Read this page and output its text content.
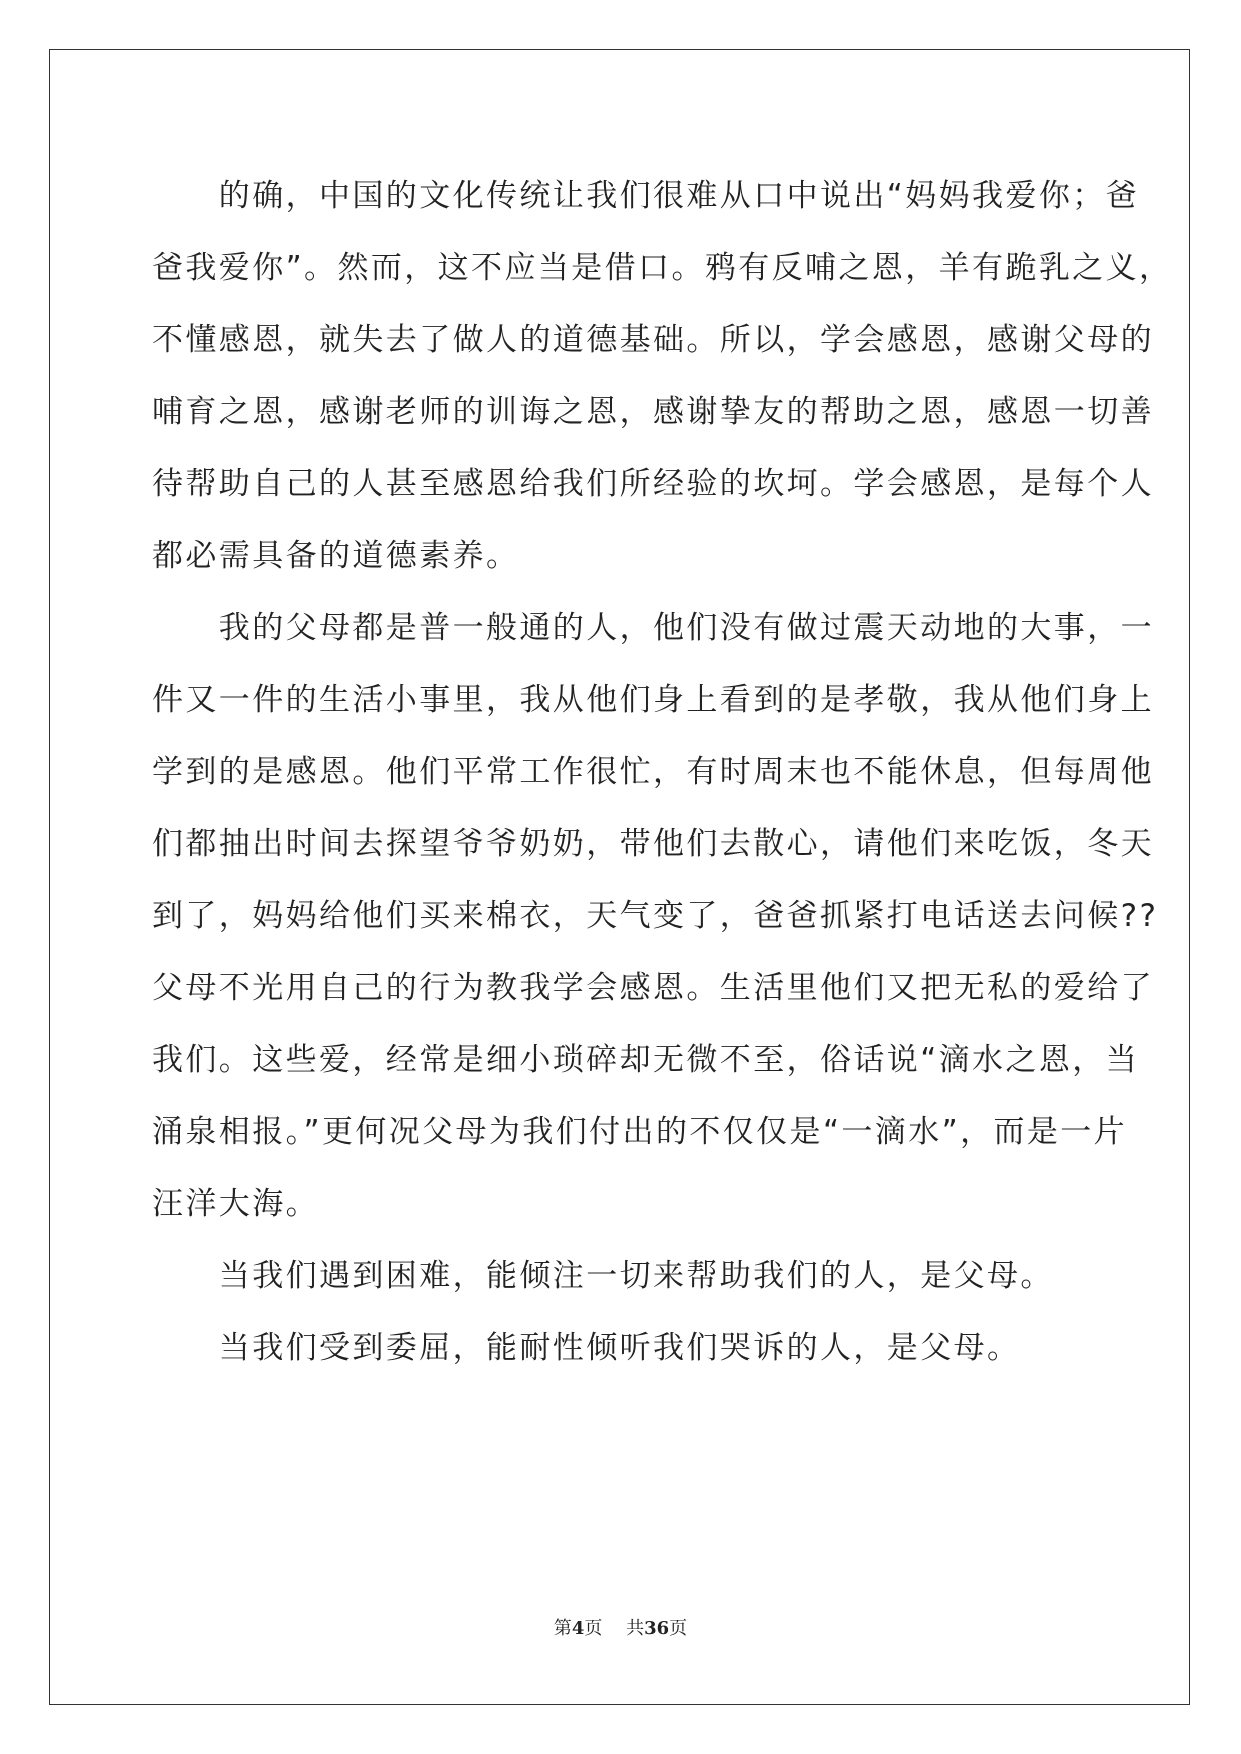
　　的确，中国的文化传统让我们很难从口中说出“妈妈我爱你；爸
爸我爱你”。然而，这不应当是借口。鸦有反哺之恩，羊有跪乳之义，
不懂感恩，就失去了做人的道德基础。所以，学会感恩，感谢父母的
哺育之恩，感谢老师的训诲之恩，感谢挚友的帮助之恩，感恩一切善
待帮助自己的人甚至感恩给我们所经验的坎坷。学会感恩，是每个人
都必需具备的道德素养。
　　我的父母都是普一般通的人，他们没有做过震天动地的大事，一
件又一件的生活小事里，我从他们身上看到的是孝敬，我从他们身上
学到的是感恩。他们平常工作很忙，有时周末也不能休息，但每周他
们都抽出时间去探望爷爷奶奶，带他们去散心，请他们来吃饭，冬天
到了，妈妈给他们买来棉衣，天气变了，爸爸抓紧打电话送去问候??
父母不光用自己的行为教我学会感恩。生活里他们又把无私的爱给了
我们。这些爱，经常是细小琐碎却无微不至，俗话说“滴水之恩，当
涌泉相报。”更何况父母为我们付出的不仅仅是“一滴水”，而是一片
汪洋大海。
　　当我们遇到困难，能倾注一切来帮助我们的人，是父母。
　　当我们受到委屈，能耐性倾听我们哭诉的人，是父母。
第4页　 共36页
